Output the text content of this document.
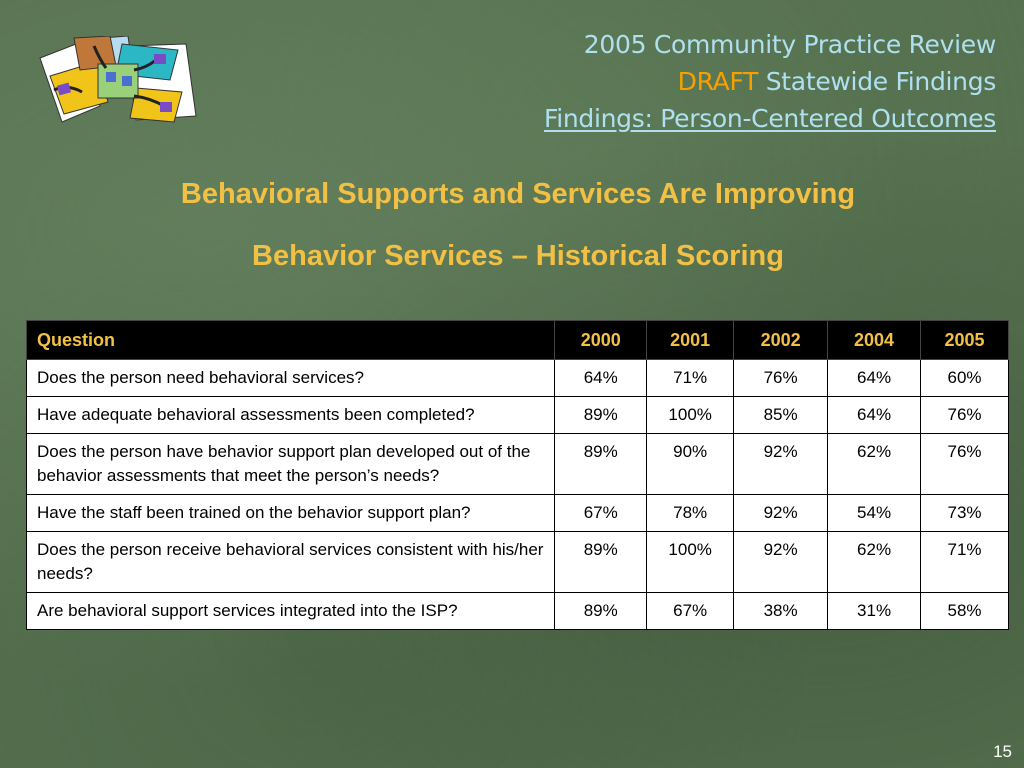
2005 Community Practice Review
DRAFT Statewide Findings
Findings: Person-Centered Outcomes
Behavioral Supports and Services Are Improving
Behavior Services – Historical Scoring
Question	2000	2001	2002	2004	2005
Does the person need behavioral services?	64%	71%	76%	64%	60%
Have adequate behavioral assessments been completed?	89%	100%	85%	64%	76%
Does the person have behavior support plan developed out of the behavior assessments that meet the person’s needs?	89%	90%	92%	62%	76%
Have the staff been trained on the behavior support plan?	67%	78%	92%	54%	73%
Does the person receive behavioral services consistent with his/her needs?	89%	100%	92%	62%	71%
Are behavioral support services integrated into the ISP?	89%	67%	38%	31%	58%
15
